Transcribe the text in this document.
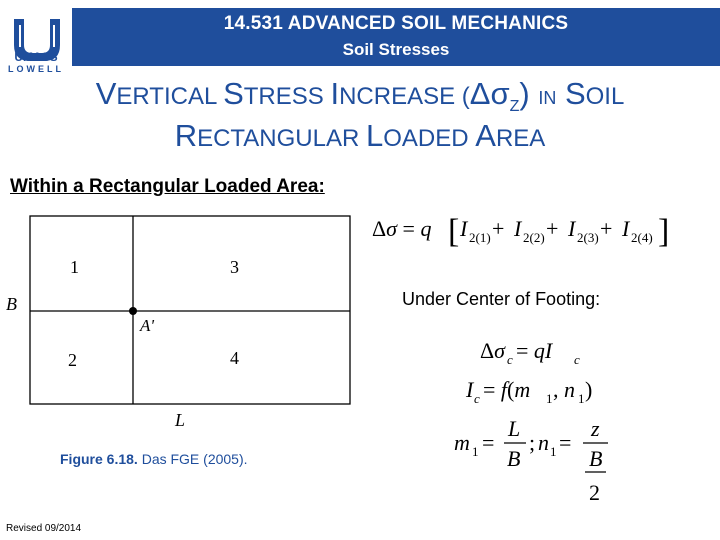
14.531 ADVANCED SOIL MECHANICS
Soil Stresses
UMASS
LOWELL
VERTICAL STRESS INCREASE $(\Delta\sigma_Z)$ IN SOIL
RECTANGULAR LOADED AREA
Within a Rectangular Loaded Area:
1	3
2	4
B
A'
L
Figure 6.18. Das FGE (2005).
Δσ = q [ I 2(1) + I 2(2) + I 2(3) + I 2(4) ]
Under Center of Footing:
Δσ c = qI c
I c = f(m 1 , n 1 )
m 1 =
L
B
; n 1 =
z
B
2
Revised 09/2014
